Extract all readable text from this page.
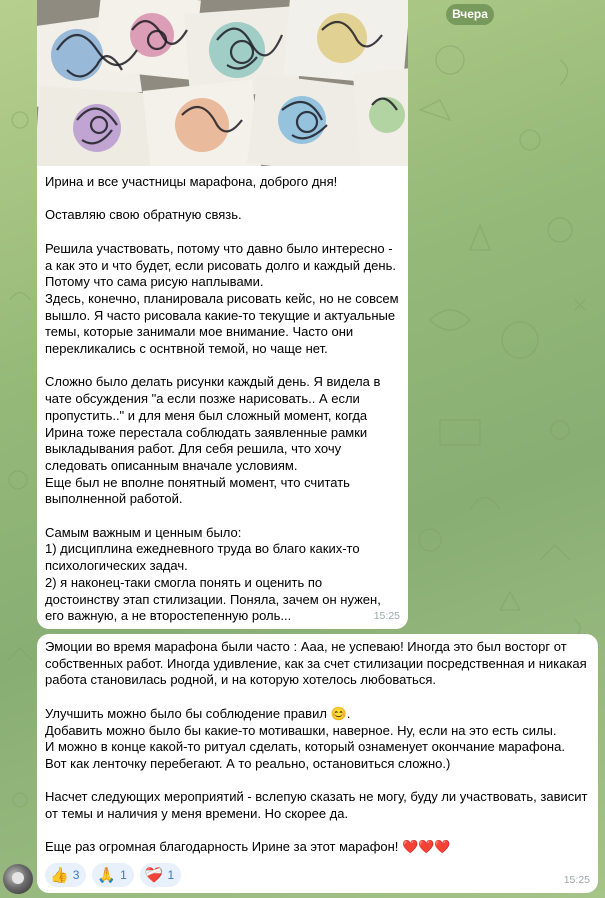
Вчера
Ирина и все участницы марафона, доброго дня!

Оставляю свою обратную связь.

Решила участвовать, потому что давно было интересно - а как это и что будет, если рисовать долго и каждый день. Потому что сама рисую наплывами.
Здесь, конечно, планировала рисовать кейс, но не совсем вышло. Я часто рисовала какие-то текущие и актуальные темы, которые занимали мое внимание. Часто они перекликались с оснтвной темой, но чаще нет.

Сложно было делать рисунки каждый день. Я видела в чате обсуждения "а если позже нарисовать.. А если пропустить.." и для меня был сложный момент, когда Ирина тоже перестала соблюдать заявленные рамки выкладывания работ. Для себя решила, что хочу следовать описанным вначале условиям.
Еще был не вполне понятный момент, что считать выполненной работой.

Самым важным и ценным было:
1) дисциплина ежедневного труда во благо каких-то психологических задач.
2) я наконец-таки смогла понять и оценить по достоинству этап стилизации. Поняла, зачем он нужен, его важную, а не второстепенную роль...	15:25
Эмоции во время марафона были часто : Ааа, не успеваю! Иногда это был восторг от собственных работ. Иногда удивление, как за счет стилизации посредственная и никакая работа становилась родной, и на которую хотелось любоваться.

Улучшить можно было бы соблюдение правил 😊.
Добавить можно было бы какие-то мотивашки, наверное. Ну, если на это есть силы.
И можно в конце какой-то ритуал сделать, который ознаменует окончание марафона. Вот как ленточку перебегают. А то реально, остановиться сложно.)

Насчет следующих мероприятий - вслепую сказать не могу, буду ли участвовать, зависит от темы и наличия у меня времени. Но скорее да.

Еще раз огромная благодарность Ирине за этот марафон! ❤️❤️❤️
👍 3 🙏 1 ❤️‍🩹 1	15:25
